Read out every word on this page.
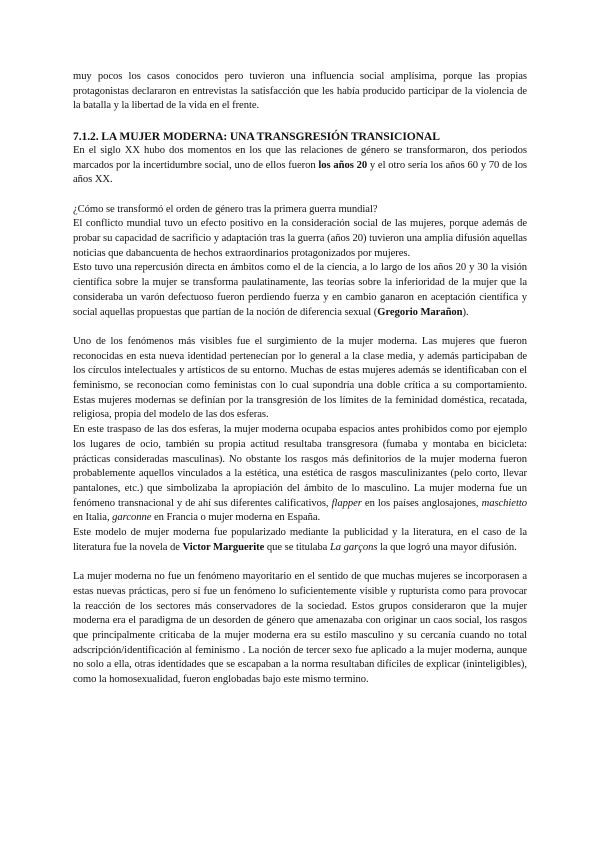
muy pocos los casos conocidos pero tuvieron una influencia social amplísima, porque las propias protagonistas declararon en entrevistas la satisfacción que les había producido participar de la violencia de la batalla y la libertad de la vida en el frente.

7.1.2. LA MUJER MODERNA: UNA TRANSGRESIÓN TRANSICIONAL

En el siglo XX hubo dos momentos en los que las relaciones de género se transformaron, dos periodos marcados por la incertidumbre social, uno de ellos fueron los años 20 y el otro sería los años 60 y 70 de los años XX.

¿Cómo se transformó el orden de género tras la primera guerra mundial?

El conflicto mundial tuvo un efecto positivo en la consideración social de las mujeres, porque además de probar su capacidad de sacrificio y adaptación tras la guerra (años 20) tuvieron una amplia difusión aquellas noticias que dabancuenta de hechos extraordinarios protagonizados por mujeres.

Esto tuvo una repercusión directa en ámbitos como el de la ciencia, a lo largo de los años 20 y 30 la visión científica sobre la mujer se transforma paulatinamente, las teorías sobre la inferioridad de la mujer que la consideraba un varón defectuoso fueron perdiendo fuerza y en cambio ganaron en aceptación científica y social aquellas propuestas que partían de la noción de diferencia sexual (Gregorio Marañon).

Uno de los fenómenos más visibles fue el surgimiento de la mujer moderna. Las mujeres que fueron reconocidas en esta nueva identidad pertenecían por lo general a la clase media, y además participaban de los círculos intelectuales y artísticos de su entorno. Muchas de estas mujeres además se identificaban con el feminismo, se reconocían como feministas con lo cual supondría una doble crítica a su comportamiento. Estas mujeres modernas se definían por la transgresión de los límites de la feminidad doméstica, recatada, religiosa, propia del modelo de las dos esferas.

En este traspaso de las dos esferas, la mujer moderna ocupaba espacios antes prohibidos como por ejemplo los lugares de ocio, también su propia actitud resultaba transgresora (fumaba y montaba en bicicleta: prácticas consideradas masculinas). No obstante los rasgos más definitorios de la mujer moderna fueron probablemente aquellos vinculados a la estética, una estética de rasgos masculinizantes (pelo corto, llevar pantalones, etc.) que simbolizaba la apropiación del ámbito de lo masculino. La mujer moderna fue un fenómeno transnacional y de ahí sus diferentes calificativos, flapper en los países anglosajones, maschietto en Italia, garconne en Francia o mujer moderna en España.

Este modelo de mujer moderna fue popularizado mediante la publicidad y la literatura, en el caso de la literatura fue la novela de Victor Marguerite que se titulaba La garçons la que logró una mayor difusión.

La mujer moderna no fue un fenómeno mayoritario en el sentido de que muchas mujeres se incorporasen a estas nuevas prácticas, pero sí fue un fenómeno lo suficientemente visible y rupturista como para provocar la reacción de los sectores más conservadores de la sociedad. Estos grupos consideraron que la mujer moderna era el paradigma de un desorden de género que amenazaba con originar un caos social, los rasgos que principalmente criticaba de la mujer moderna era su estilo masculino y su cercanía cuando no total adscripción/identificación al feminismo . La noción de tercer sexo fue aplicado a la mujer moderna, aunque no solo a ella, otras identidades que se escapaban a la norma resultaban difíciles de explicar (ininteligibles), como la homosexualidad, fueron englobadas bajo este mismo termino.
